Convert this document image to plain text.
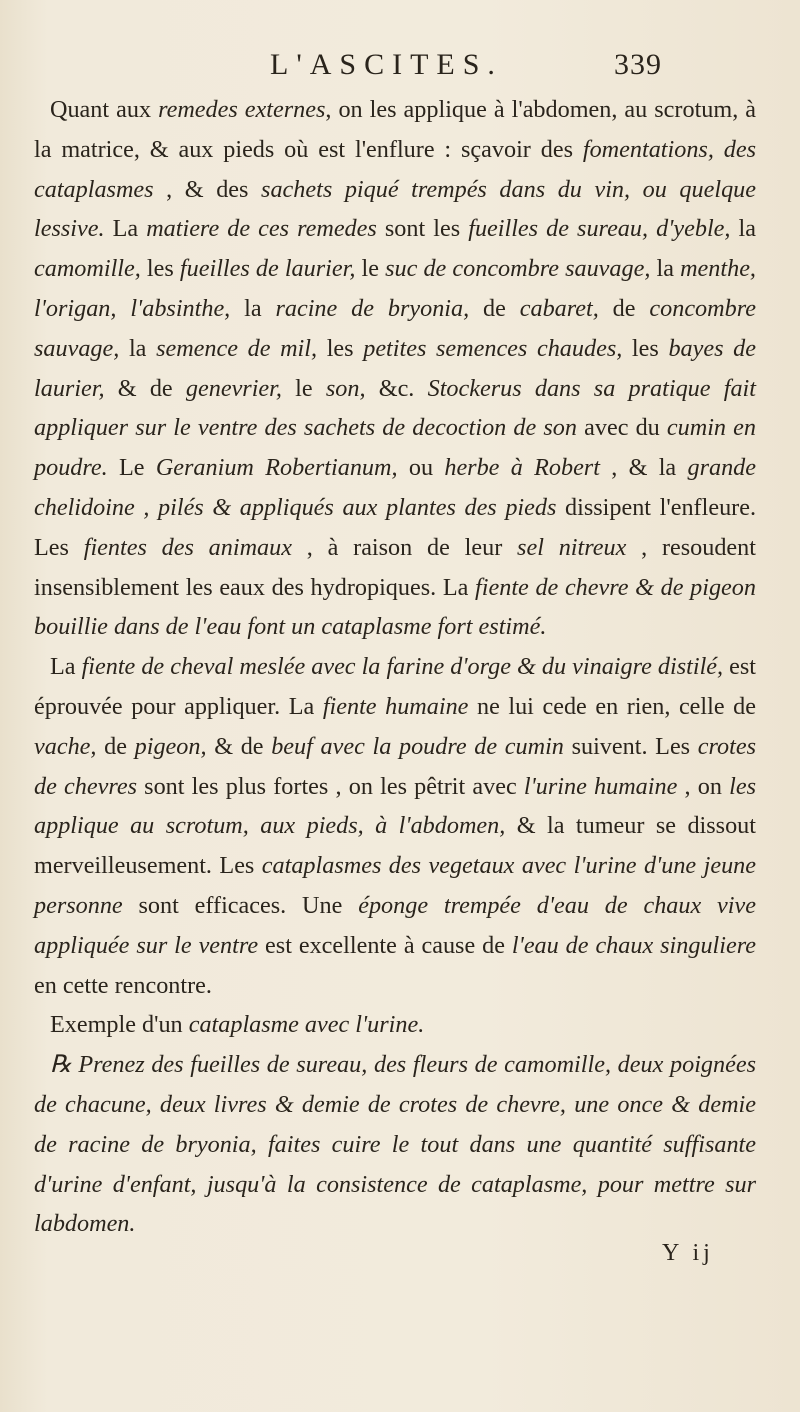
L'ASCITES.	339

Quant aux remedes externes, on les applique à l'abdomen, au scrotum, à la matrice, & aux pieds où est l'enflure : sçavoir des fomentations, des cataplasmes , & des sachets piqué trempés dans du vin, ou quelque lessive. La matiere de ces remedes sont les fueilles de sureau, d'yeble, la camomille, les fueilles de laurier, le suc de concombre sauvage, la menthe, l'origan, l'absinthe, la racine de bryonia, de cabaret, de concombre sauvage, la semence de mil, les petites semences chaudes, les bayes de laurier, & de genevrier, le son, &c. Stockerus dans sa pratique fait appliquer sur le ventre des sachets de decoction de son avec du cumin en poudre. Le Geranium Robertianum, ou herbe à Robert , & la grande chelidoine , pilés & appliqués aux plantes des pieds dissipent l'enfleure. Les fientes des animaux , à raison de leur sel nitreux , resoudent insensiblement les eaux des hydropiques. La fiente de chevre & de pigeon bouillie dans de l'eau font un cataplasme fort estimé.

La fiente de cheval meslée avec la farine d'orge & du vinaigre distilé, est éprouvée pour appliquer. La fiente humaine ne lui cede en rien, celle de vache, de pigeon, & de beuf avec la poudre de cumin suivent. Les crotes de chevres sont les plus fortes , on les pêtrit avec l'urine humaine , on les applique au scrotum, aux pieds, à l'abdomen, & la tumeur se dissout merveilleusement. Les cataplasmes des vegetaux avec l'urine d'une jeune personne sont efficaces. Une éponge trempée d'eau de chaux vive appliquée sur le ventre est excellente à cause de l'eau de chaux singuliere en cette rencontre.

Exemple d'un cataplasme avec l'urine.

℞ Prenez des fueilles de sureau, des fleurs de camomille, deux poignées de chacune, deux livres & demie de crotes de chevre, une once & demie de racine de bryonia, faites cuire le tout dans une quantité suffisante d'urine d'enfant, jusqu'à la consistence de cataplasme, pour mettre sur labdomen.

Y ij
